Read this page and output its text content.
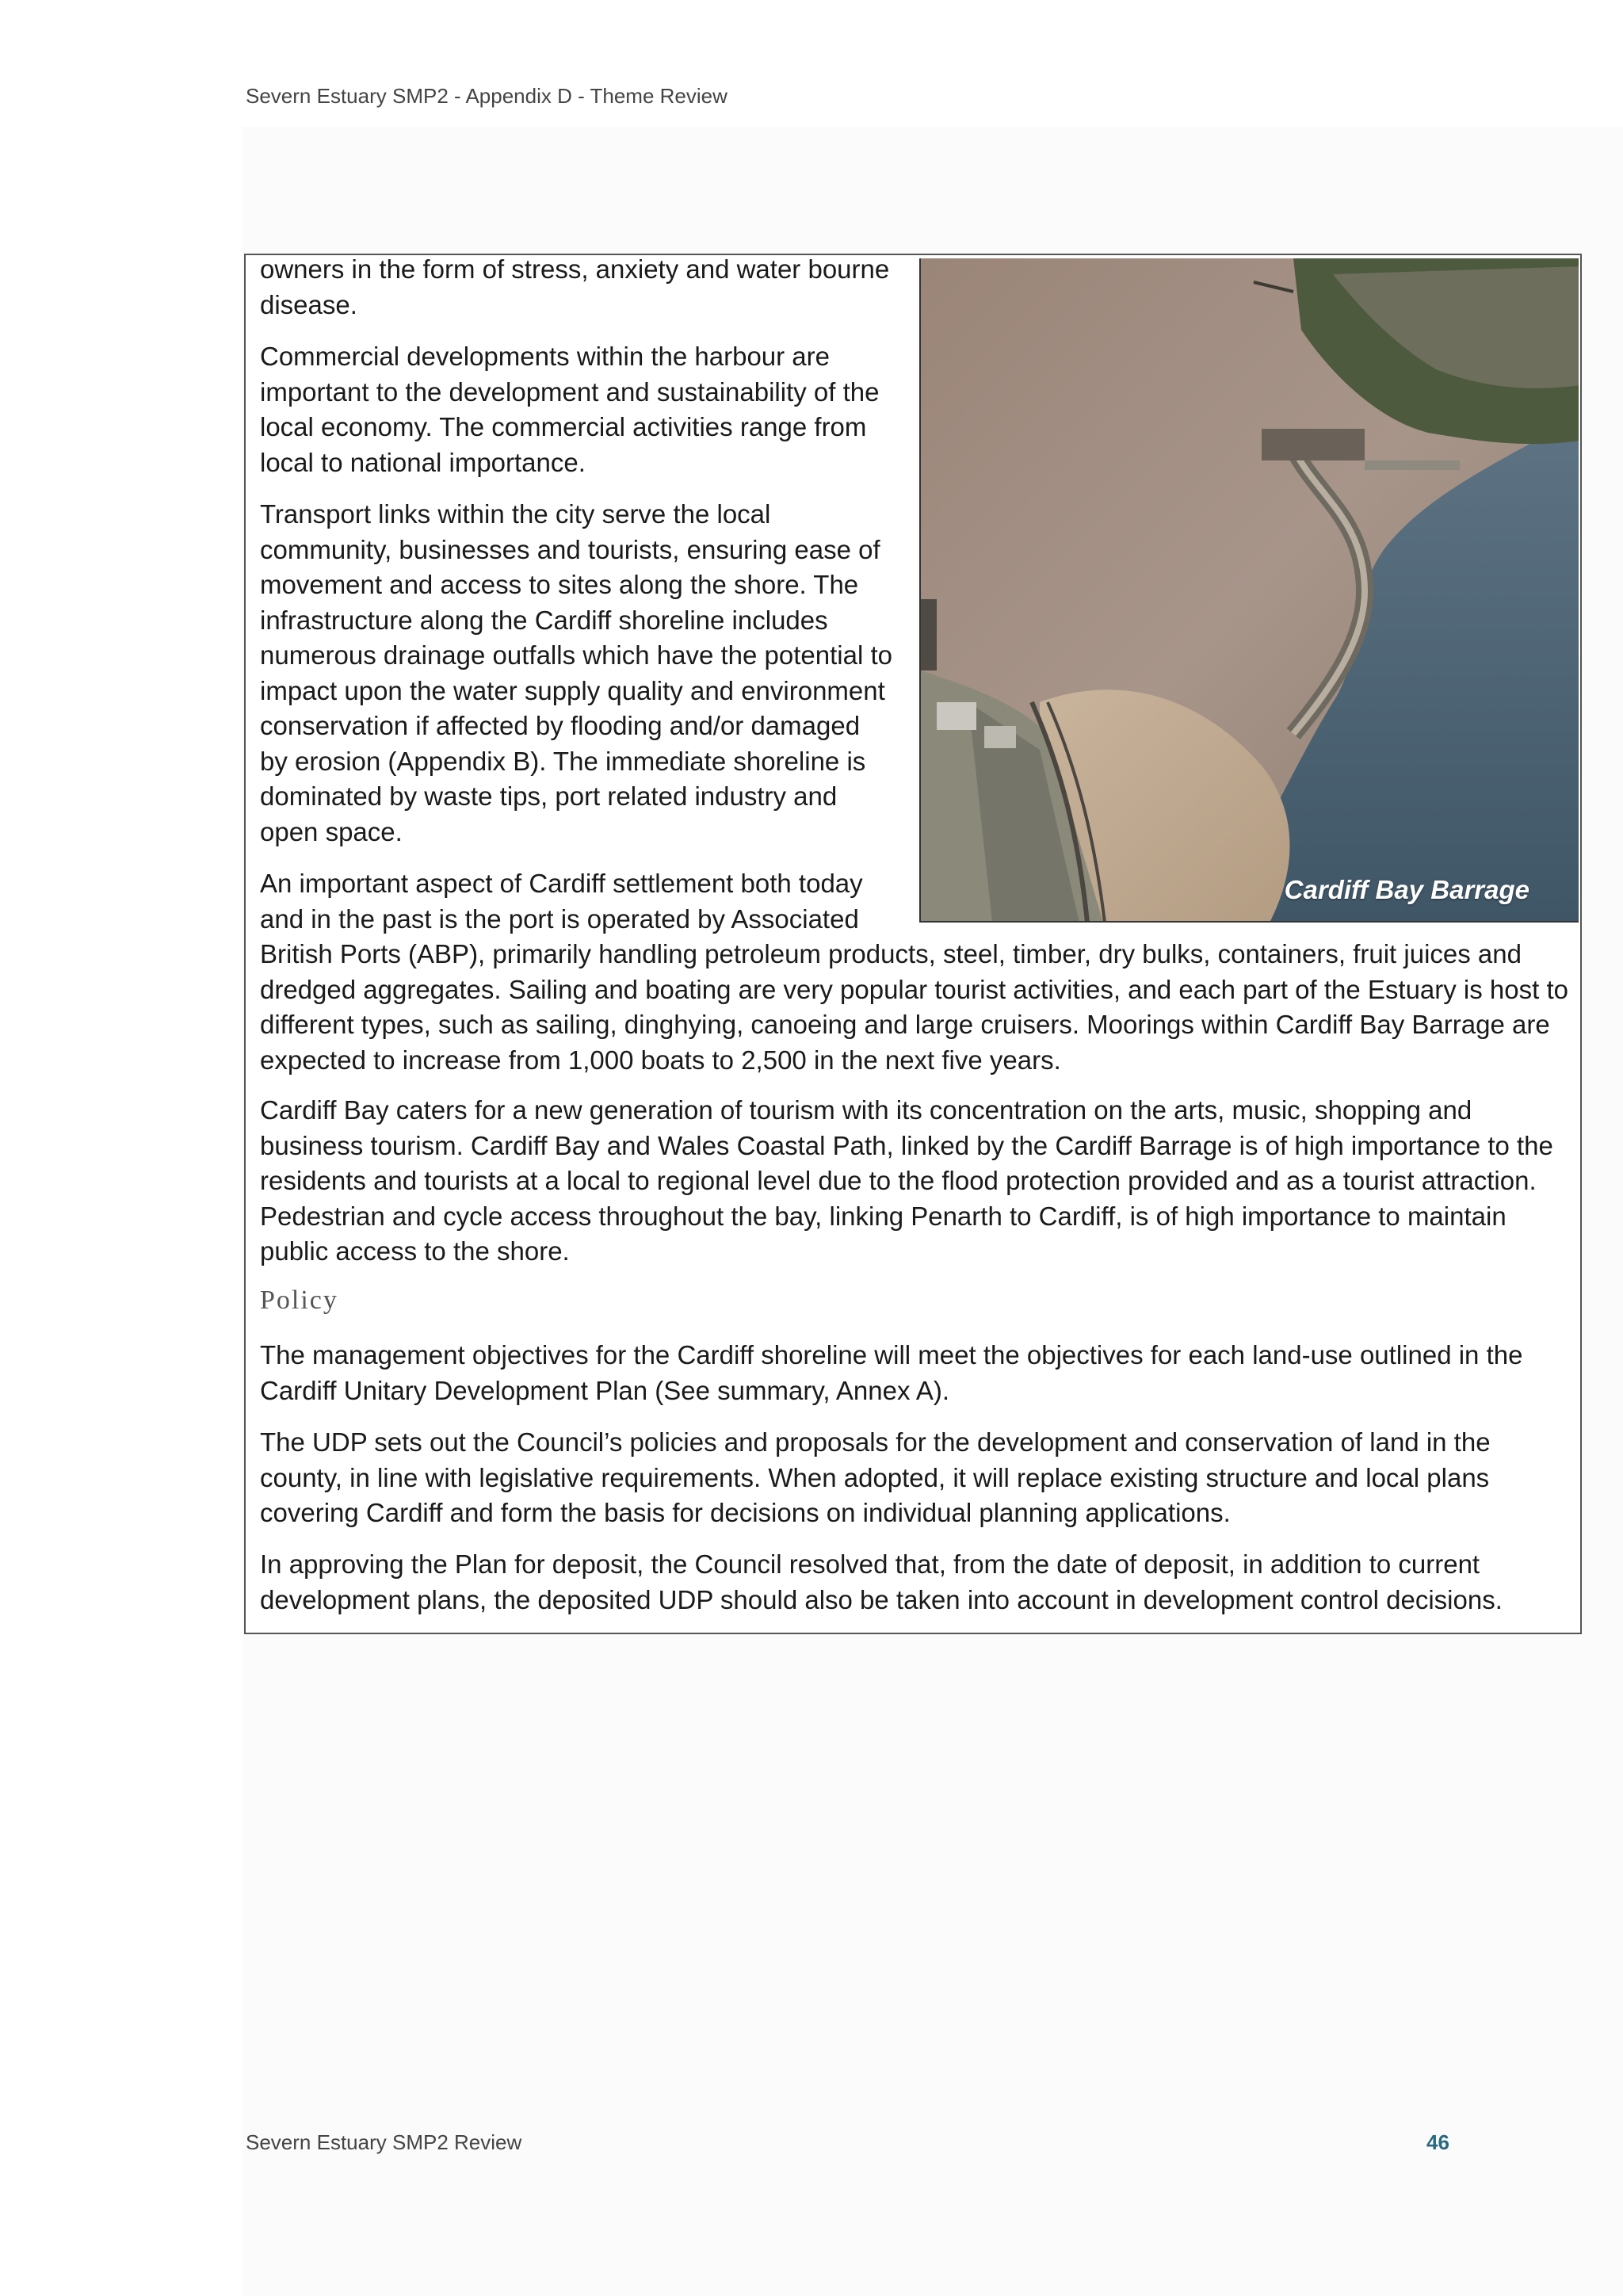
Severn Estuary SMP2 - Appendix D - Theme Review
Cardiff Bay Barrage

owners in the form of stress, anxiety and water bourne disease.

Commercial developments within the harbour are important to the development and sustainability of the local economy. The commercial activities range from local to national importance.

Transport links within the city serve the local community, businesses and tourists, ensuring ease of movement and access to sites along the shore. The infrastructure along the Cardiff shoreline includes numerous drainage outfalls which have the potential to impact upon the water supply quality and environment conservation if affected by flooding and/or damaged by erosion (Appendix B). The immediate shoreline is dominated by waste tips, port related industry and open space.

An important aspect of Cardiff settlement both today and in the past is the port is operated by Associated

British Ports (ABP), primarily handling petroleum products, steel, timber, dry bulks, containers, fruit juices and dredged aggregates. Sailing and boating are very popular tourist activities, and each part of the Estuary is host to different types, such as sailing, dinghying, canoeing and large cruisers. Moorings within Cardiff Bay Barrage are expected to increase from 1,000 boats to 2,500 in the next five years.

Cardiff Bay caters for a new generation of tourism with its concentration on the arts, music, shopping and business tourism. Cardiff Bay and Wales Coastal Path, linked by the Cardiff Barrage is of high importance to the residents and tourists at a local to regional level due to the flood protection provided and as a tourist attraction. Pedestrian and cycle access throughout the bay, linking Penarth to Cardiff, is of high importance to maintain public access to the shore.

Policy

The management objectives for the Cardiff shoreline will meet the objectives for each land-use outlined in the Cardiff Unitary Development Plan (See summary, Annex A).

The UDP sets out the Council’s policies and proposals for the development and conservation of land in the county, in line with legislative requirements. When adopted, it will replace existing structure and local plans covering Cardiff and form the basis for decisions on individual planning applications.

In approving the Plan for deposit, the Council resolved that, from the date of deposit, in addition to current development plans, the deposited UDP should also be taken into account in development control decisions.

Severn Estuary SMP2 Review	46
